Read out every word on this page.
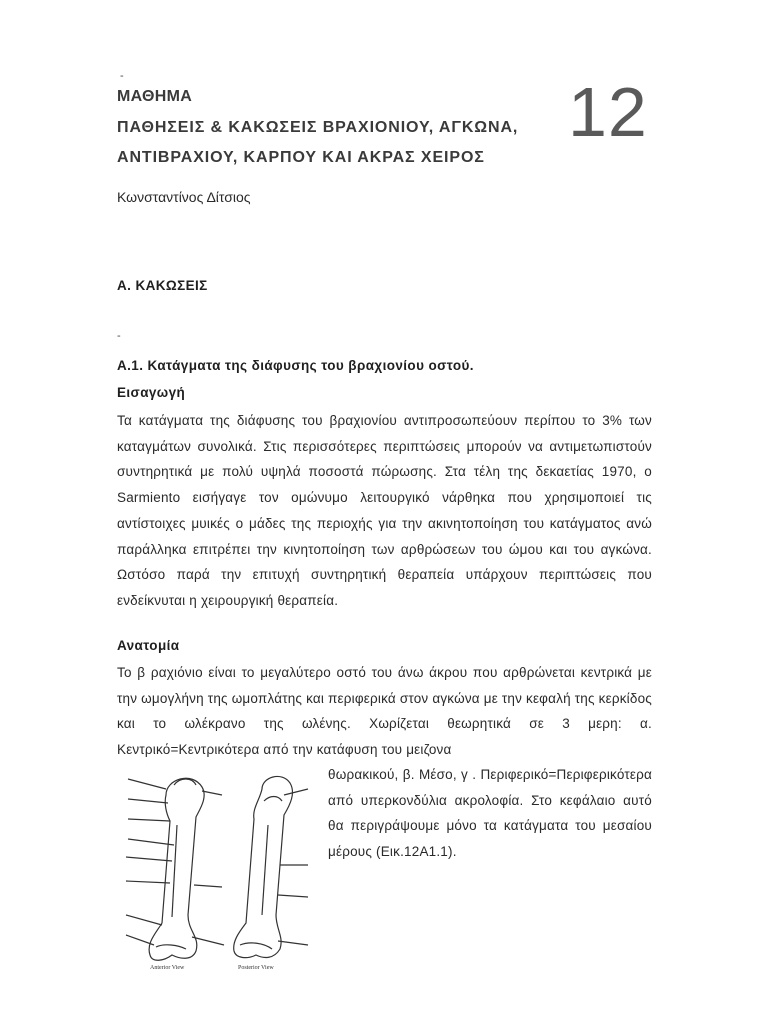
-
ΜΑΘΗΜΑ
ΠΑΘΗΣΕΙΣ & ΚΑΚΩΣΕΙΣ ΒΡΑΧΙΟΝΙΟΥ, ΑΓΚΩΝΑ,
ΑΝΤΙΒΡΑΧΙΟΥ, ΚΑΡΠΟΥ ΚΑΙ ΑΚΡΑΣ ΧΕΙΡΟΣ
12
Κωνσταντίνος Δίτσιος
Α. ΚΑΚΩΣΕΙΣ
-
Α.1. Κατάγματα της διάφυσης του βραχιονίου οστού.
Εισαγωγή
Τα κατάγματα της διάφυσης του βραχιονίου αντιπροσωπεύουν περίπου το 3% των καταγμάτων συνολικά. Στις περισσότερες περιπτώσεις μπορούν να αντιμετωπιστούν συντηρητικά με πολύ υψηλά ποσοστά πώρωσης. Στα τέλη της δεκαετίας 1970, ο Sarmiento εισήγαγε τον ομώνυμο λειτουργικό νάρθηκα που χρησιμοποιεί τις αντίστοιχες μυικές ο μάδες της περιοχής για την ακινητοποίηση του κατάγματος ανώ παράλληκα επιτρέπει την κινητοποίηση των αρθρώσεων του ώμου και του αγκώνα. Ωστόσο παρά την επιτυχή συντηρητική θεραπεία υπάρχουν περιπτώσεις που ενδείκνυται η χειρουργική θεραπεία.
Ανατομία
Το β ραχιόνιο είναι το μεγαλύτερο οστό του άνω άκρου που αρθρώνεται κεντρικά με την ωμογλήνη της ωμοπλάτης και περιφερικά στον αγκώνα με την κεφαλή της κερκίδος και το ωλέκρανο της ωλένης. Χωρίζεται θεωρητικά σε 3 μερη: α. Κεντρικό=Κεντρικότερα από την κατάφυση του μειζονα
θωρακικού, β. Μέσο, γ . Περιφερικό=Περιφερικότερα από υπερκονδύλια ακρολοφία. Στο κεφάλαιο αυτό θα περιγράψουμε μόνο τα κατάγματα του μεσαίου μέρους (Εικ.12Α1.1).
Anterior View	Posterior View
